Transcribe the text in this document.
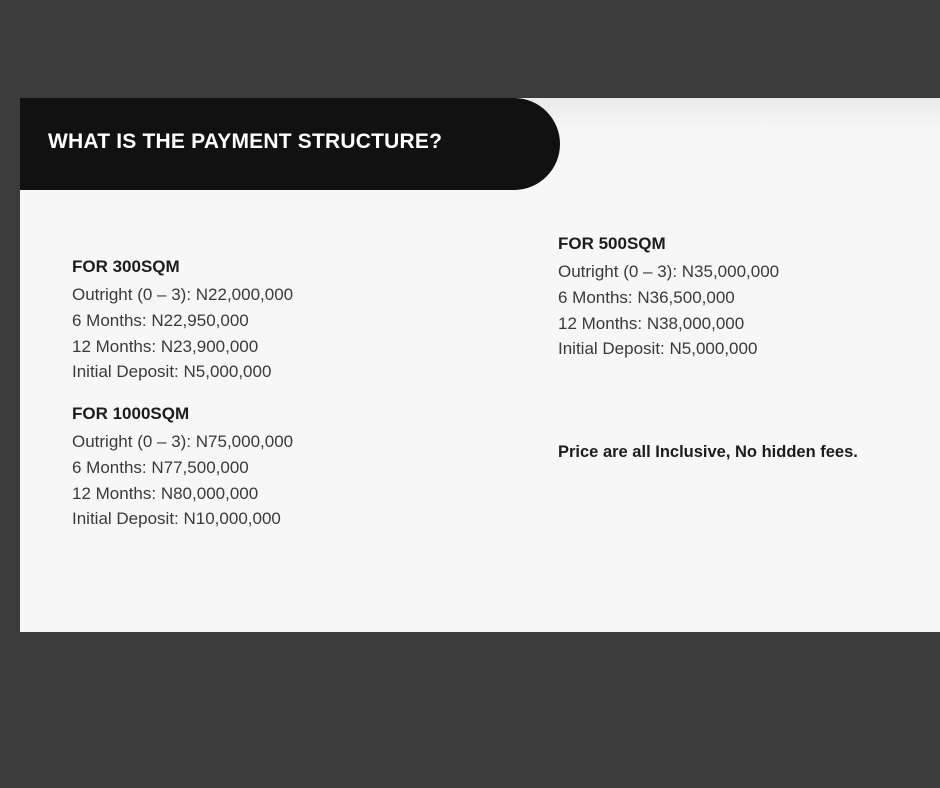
WHAT IS THE PAYMENT STRUCTURE?

FOR 300SQM

Outright (0 – 3): N22,000,000

6 Months: N22,950,000

12 Months: N23,900,000

Initial Deposit: N5,000,000

FOR 1000SQM

Outright (0 – 3): N75,000,000

6 Months: N77,500,000

12 Months: N80,000,000

Initial Deposit: N10,000,000

FOR 500SQM

Outright (0 – 3): N35,000,000

6 Months: N36,500,000

12 Months: N38,000,000

Initial Deposit: N5,000,000

Price are all Inclusive, No hidden fees.
